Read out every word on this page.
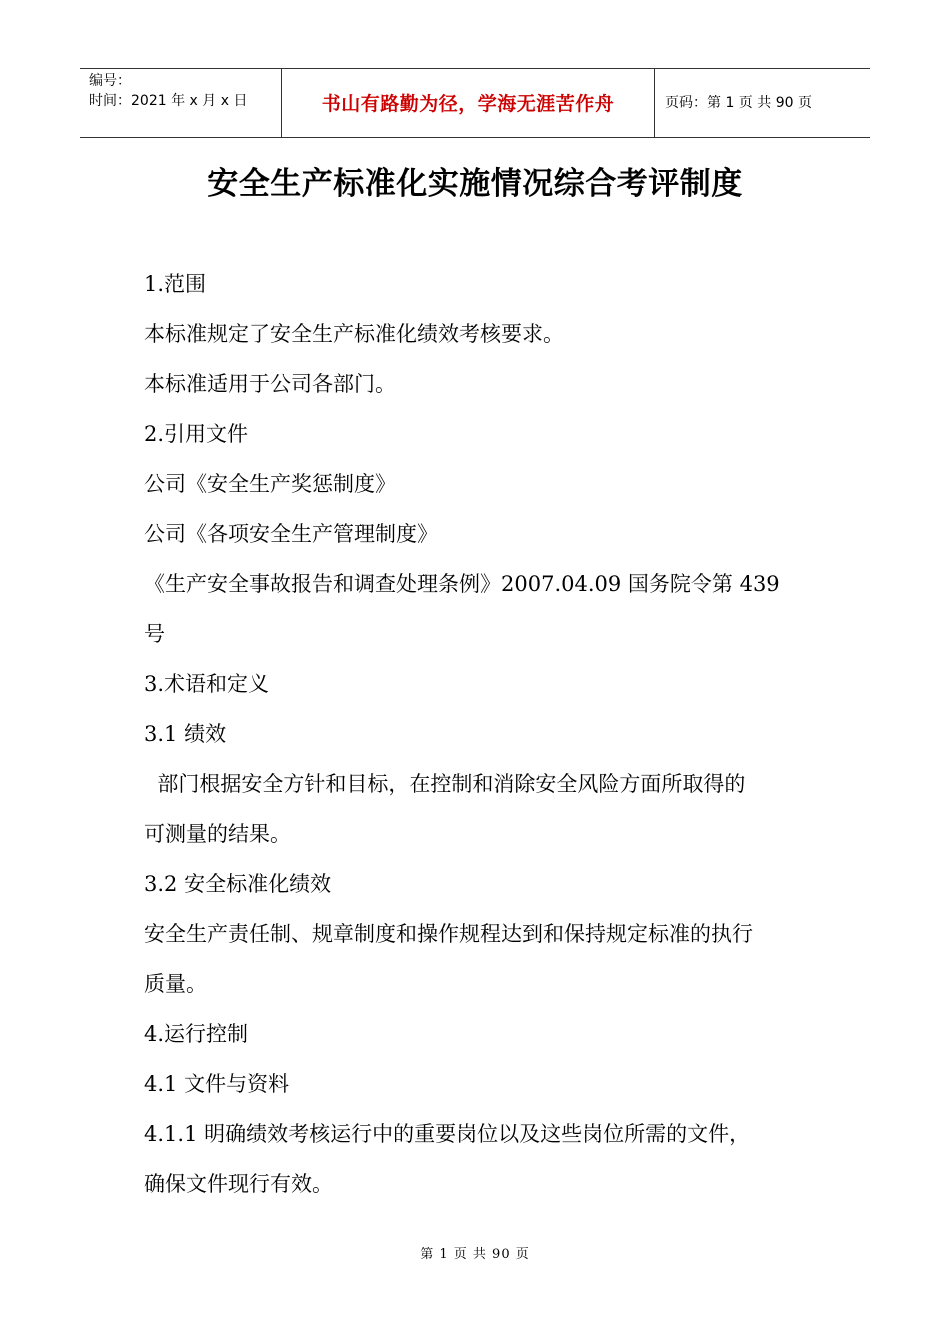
编号：
时间：2021 年 x 月 x 日	书山有路勤为径，学海无涯苦作舟	页码：第 1 页 共 90 页
安全生产标准化实施情况综合考评制度
1.范围
本标准规定了安全生产标准化绩效考核要求。
本标准适用于公司各部门。
2.引用文件
公司《安全生产奖惩制度》
公司《各项安全生产管理制度》
《生产安全事故报告和调查处理条例》2007.04.09 国务院令第 439
号
3.术语和定义
3.1 绩效
部门根据安全方针和目标，在控制和消除安全风险方面所取得的
可测量的结果。
3.2 安全标准化绩效
安全生产责任制、规章制度和操作规程达到和保持规定标准的执行
质量。
4.运行控制
4.1 文件与资料
4.1.1 明确绩效考核运行中的重要岗位以及这些岗位所需的文件，
确保文件现行有效。
第 1 页 共 90 页
